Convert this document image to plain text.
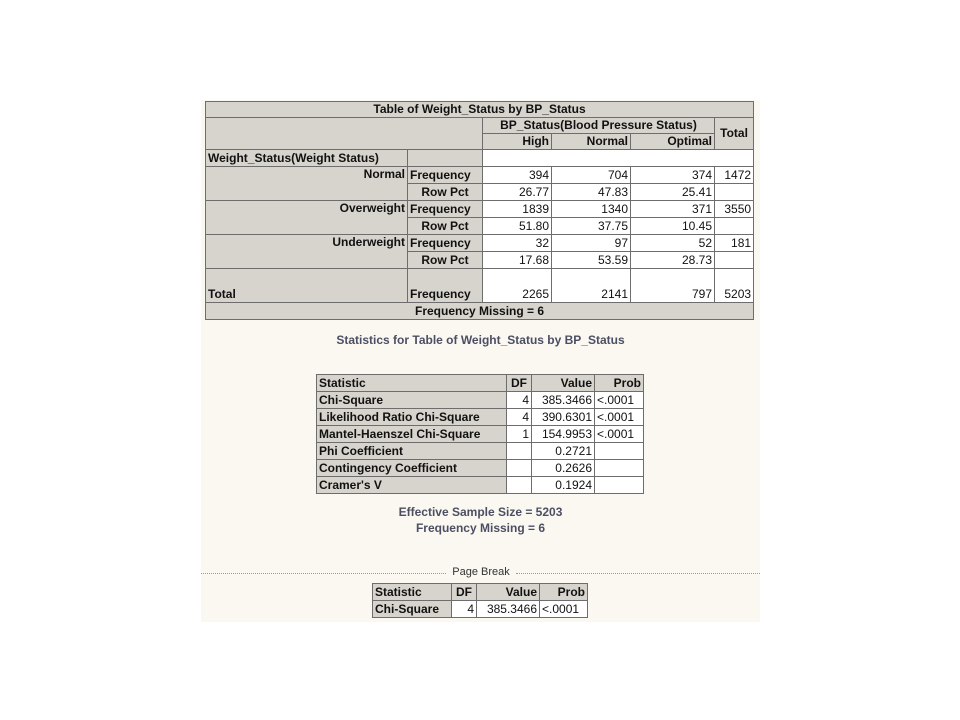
Table of Weight_Status by BP_Status					
		BP_Status(Blood Pressure Status)			Total
		High	Normal	Optimal	
Weight_Status(Weight Status)					
Normal	Frequency	394	704	374	1472
	Row Pct	26.77	47.83	25.41	
Overweight	Frequency	1839	1340	371	3550
	Row Pct	51.80	37.75	10.45	
Underweight	Frequency	32	97	52	181
	Row Pct	17.68	53.59	28.73	
Total	Frequency	2265	2141	797	5203
Frequency Missing = 6					
Statistics for Table of Weight_Status by BP_Status
Statistic	DF	Value	Prob
Chi-Square	4	385.3466	<.0001
Likelihood Ratio Chi-Square	4	390.6301	<.0001
Mantel-Haenszel Chi-Square	1	154.9953	<.0001
Phi Coefficient		0.2721	
Contingency Coefficient		0.2626	
Cramer's V		0.1924	
Effective Sample Size = 5203
Frequency Missing = 6
Page Break
Statistic	DF	Value	Prob
Chi-Square	4	385.3466	<.0001
